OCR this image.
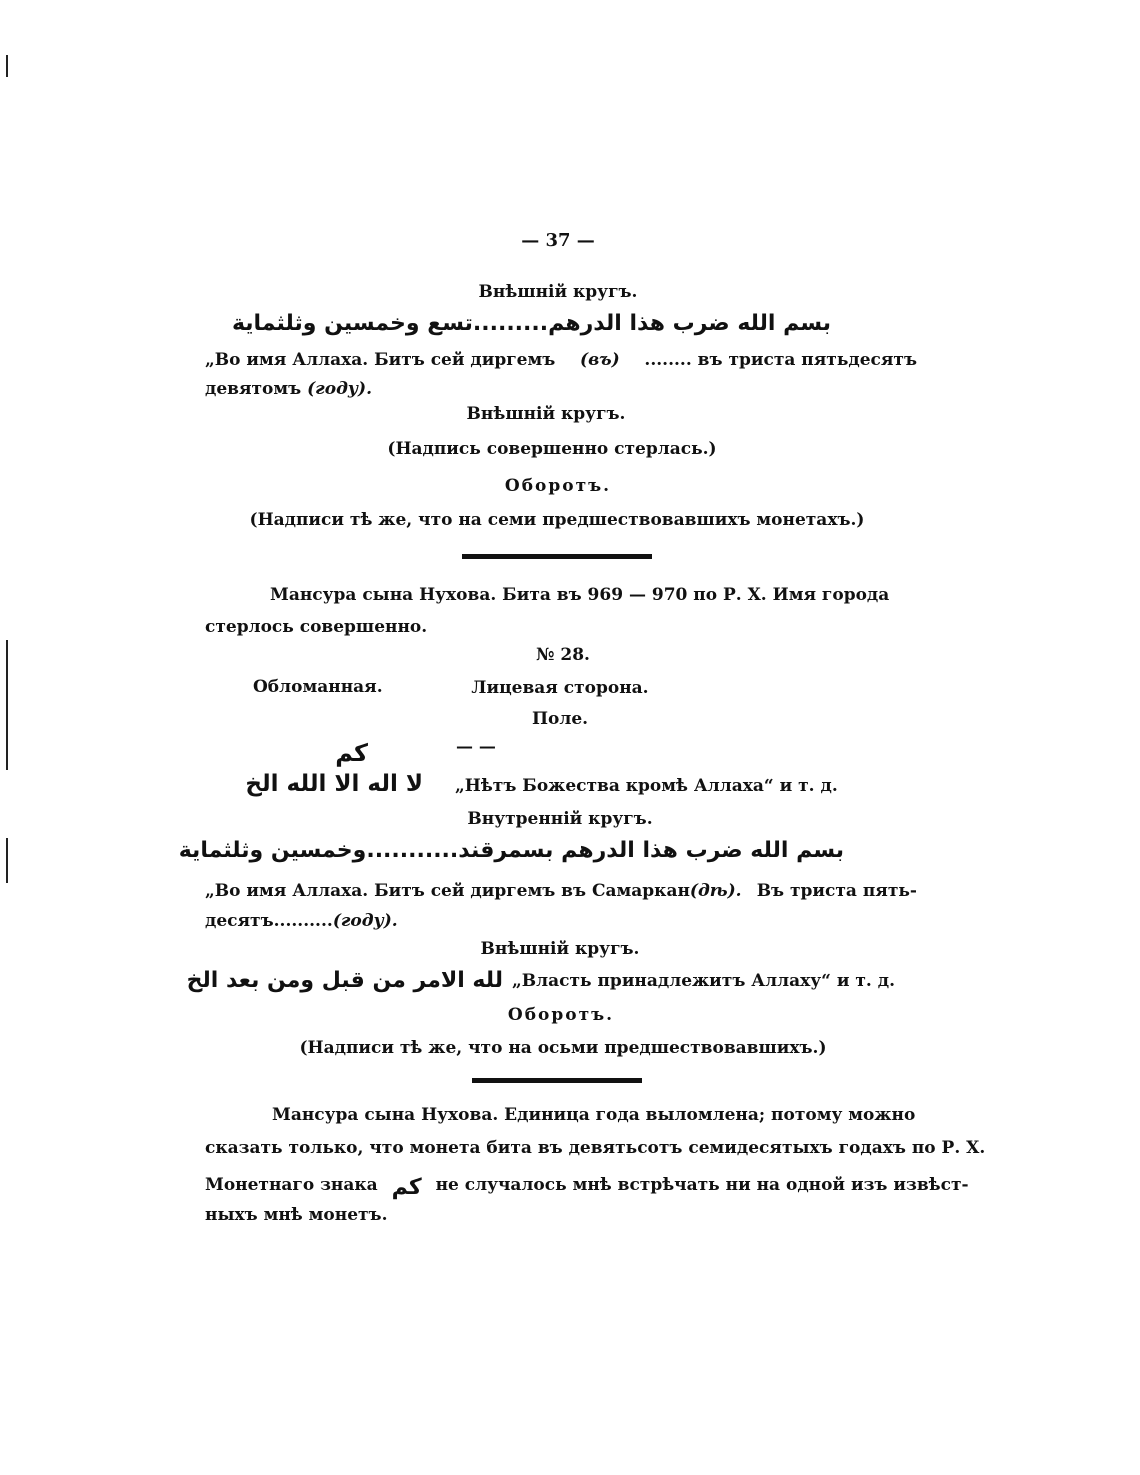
— 37 —
Внѣшній кругъ.
بسم الله ضرب هذا الدرهم.........تسع وخمسين وثلثماية
„Во имя Аллаха. Битъ сей диргемъ (въ) ........ въ триста пятьдесятъ
девятомъ (году).
Внѣшній кругъ.
(Надпись совершенно стерлась.)
Оборотъ.
(Надписи тѣ же, что на семи предшествовавшихъ монетахъ.)
Мансура сына Нухова. Бита въ 969 — 970 по Р. Х. Имя города
стерлось совершенно.
№ 28.
Обломанная.	Лицевая сторона.
Поле.
— —
كم
لا اله الا الله الخ „Нѣтъ Божества кромѣ Аллаха“ и т. д.
Внутренній кругъ.
بسم الله ضرب هذا الدرهم بسمرقند...........وخمسين وثلثماية
„Во имя Аллаха. Битъ сей диргемъ въ Самаркан(дѣ). Въ триста пять-
десятъ..........(году).
Внѣшній кругъ.
لله الامر من قبل ومن بعد الخ „Власть принадлежитъ Аллаху“ и т. д.
Оборотъ.
(Надписи тѣ же, что на осьми предшествовавшихъ.)
Мансура сына Нухова. Единица года выломлена; потому можно
сказать только, что монета бита въ девятьсотъ семидесятыхъ годахъ по Р. Х.
Монетнаго знака كم не случалось мнѣ встрѣчать ни на одной изъ извѣст-
ныхъ мнѣ монетъ.
